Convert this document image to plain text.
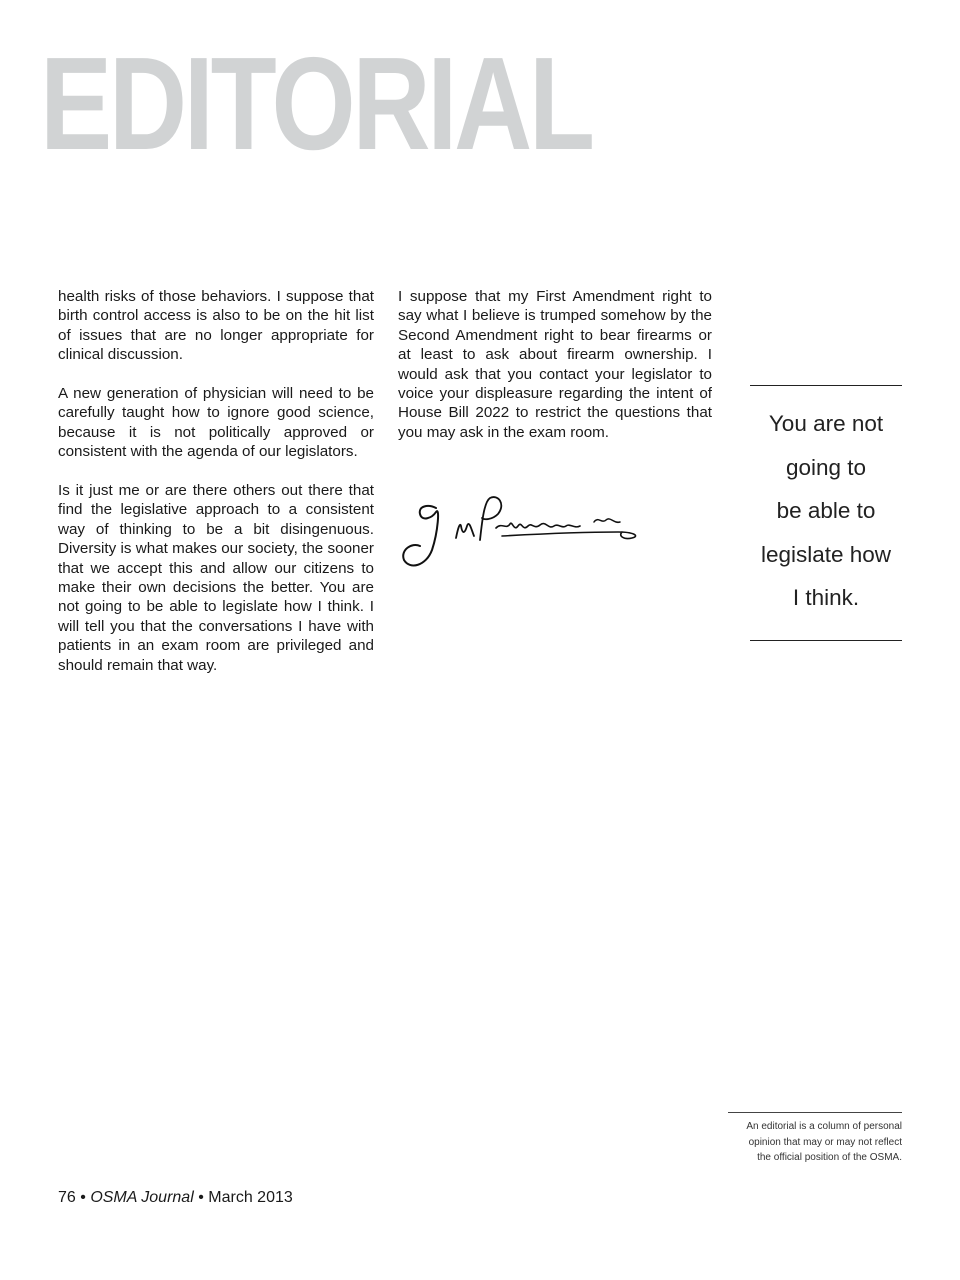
EDITORIAL

health risks of those behaviors. I suppose that birth control access is also to be on the hit list of issues that are no longer appropriate for clinical discussion.

A new generation of physician will need to be carefully taught how to ignore good science, because it is not politically approved or consistent with the agenda of our legislators.

Is it just me or are there others out there that find the legislative approach to a consistent way of thinking to be a bit disingenuous. Diversity is what makes our society, the sooner that we accept this and allow our citizens to make their own decisions the better. You are not going to be able to legislate how I think. I will tell you that the conversations I have with patients in an exam room are privileged and should remain that way.

I suppose that my First Amendment right to say what I believe is trumped somehow by the Second Amendment right to bear firearms or at least to ask about firearm ownership. I would ask that you contact your legislator to voice your displeasure regarding the intent of House Bill 2022 to restrict the questions that you may ask in the exam room.	You are not
going to
be able to
legislate how
I think.
An editorial is a column of personal
opinion that may or may not reflect
the official position of the OSMA.
76 • OSMA Journal • March 2013
